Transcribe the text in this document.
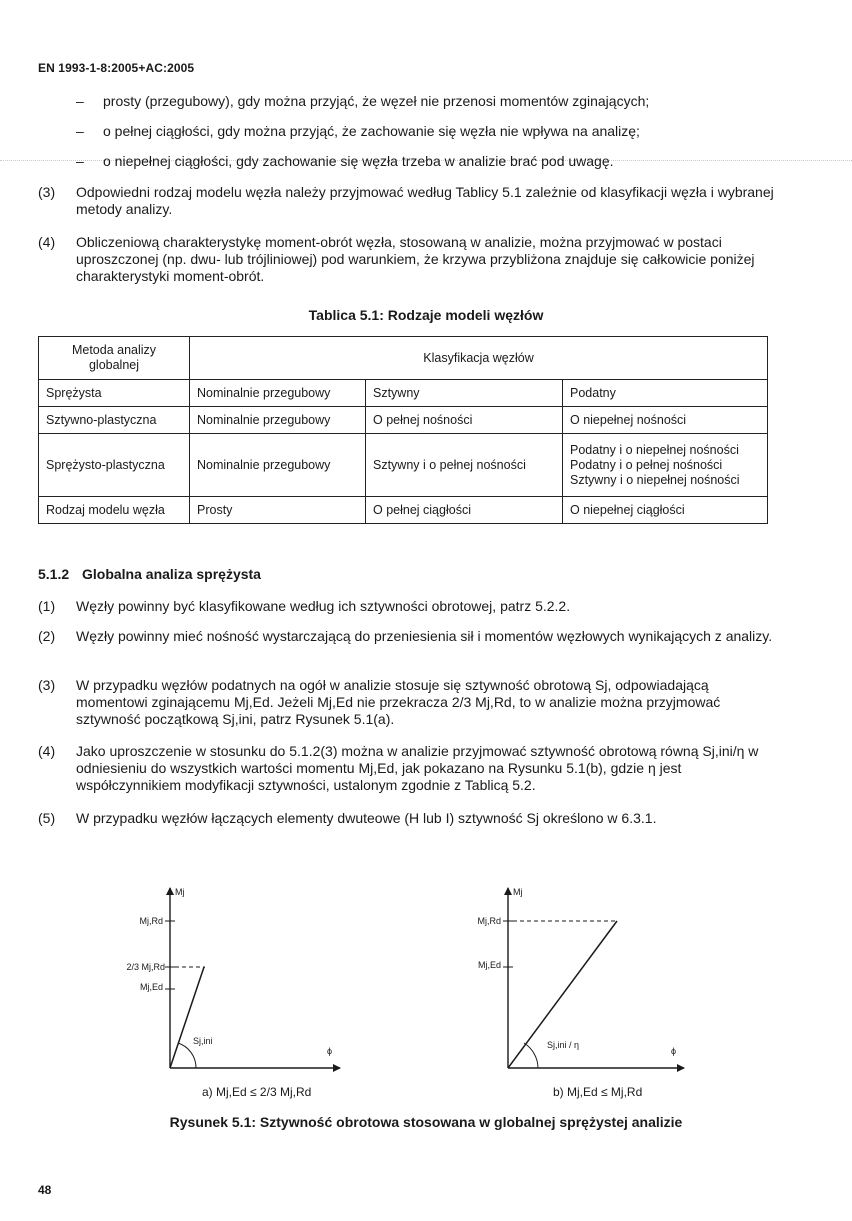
EN 1993-1-8:2005+AC:2005
– prosty (przegubowy), gdy można przyjąć, że węzeł nie przenosi momentów zginających;
– o pełnej ciągłości, gdy można przyjąć, że zachowanie się węzła nie wpływa na analizę;
– o niepełnej ciągłości, gdy zachowanie się węzła trzeba w analizie brać pod uwagę.
(3) Odpowiedni rodzaj modelu węzła należy przyjmować według Tablicy 5.1 zależnie od klasyfikacji węzła i wybranej metody analizy.
(4) Obliczeniową charakterystykę moment-obrót węzła, stosowaną w analizie, można przyjmować w postaci uproszczonej (np. dwu- lub trójliniowej) pod warunkiem, że krzywa przybliżona znajduje się całkowicie poniżej charakterystyki moment-obrót.
Tablica 5.1: Rodzaje modeli węzłów
Metoda analizy globalnej	Klasyfikacja węzłów		
Sprężysta	Nominalnie przegubowy	Sztywny	Podatny
Sztywno-plastyczna	Nominalnie przegubowy	O pełnej nośności	O niepełnej nośności
Sprężysto-plastyczna	Nominalnie przegubowy	Sztywny i o pełnej nośności	Podatny i o niepełnej nośności
Podatny i o pełnej nośności
Sztywny i o niepełnej nośności

Rodzaj modelu węzła	Prosty	O pełnej ciągłości	O niepełnej ciągłości
5.1.2 Globalna analiza sprężysta
(1) Węzły powinny być klasyfikowane według ich sztywności obrotowej, patrz 5.2.2.
(2) Węzły powinny mieć nośność wystarczającą do przeniesienia sił i momentów węzłowych wynikających z analizy.
(3) W przypadku węzłów podatnych na ogół w analizie stosuje się sztywność obrotową Sj, odpowiadającą momentowi zginającemu Mj,Ed. Jeżeli Mj,Ed nie przekracza 2/3 Mj,Rd, to w analizie można przyjmować sztywność początkową Sj,ini, patrz Rysunek 5.1(a).
(4) Jako uproszczenie w stosunku do 5.1.2(3) można w analizie przyjmować sztywność obrotową równą Sj,ini/η w odniesieniu do wszystkich wartości momentu Mj,Ed, jak pokazano na Rysunku 5.1(b), gdzie η jest współczynnikiem modyfikacji sztywności, ustalonym zgodnie z Tablicą 5.2.
(5) W przypadku węzłów łączących elementy dwuteowe (H lub I) sztywność Sj określono w 6.3.1.
Mj
Mj,Rd
2/3 Mj,Rd
Mj,Ed
Sj,ini
ϕ
Mj
Mj,Rd
Mj,Ed
Sj,ini / η
ϕ
a) Mj,Ed ≤ 2/3 Mj,Rd	b) Mj,Ed ≤ Mj,Rd
Rysunek 5.1: Sztywność obrotowa stosowana w globalnej sprężystej analizie
48
